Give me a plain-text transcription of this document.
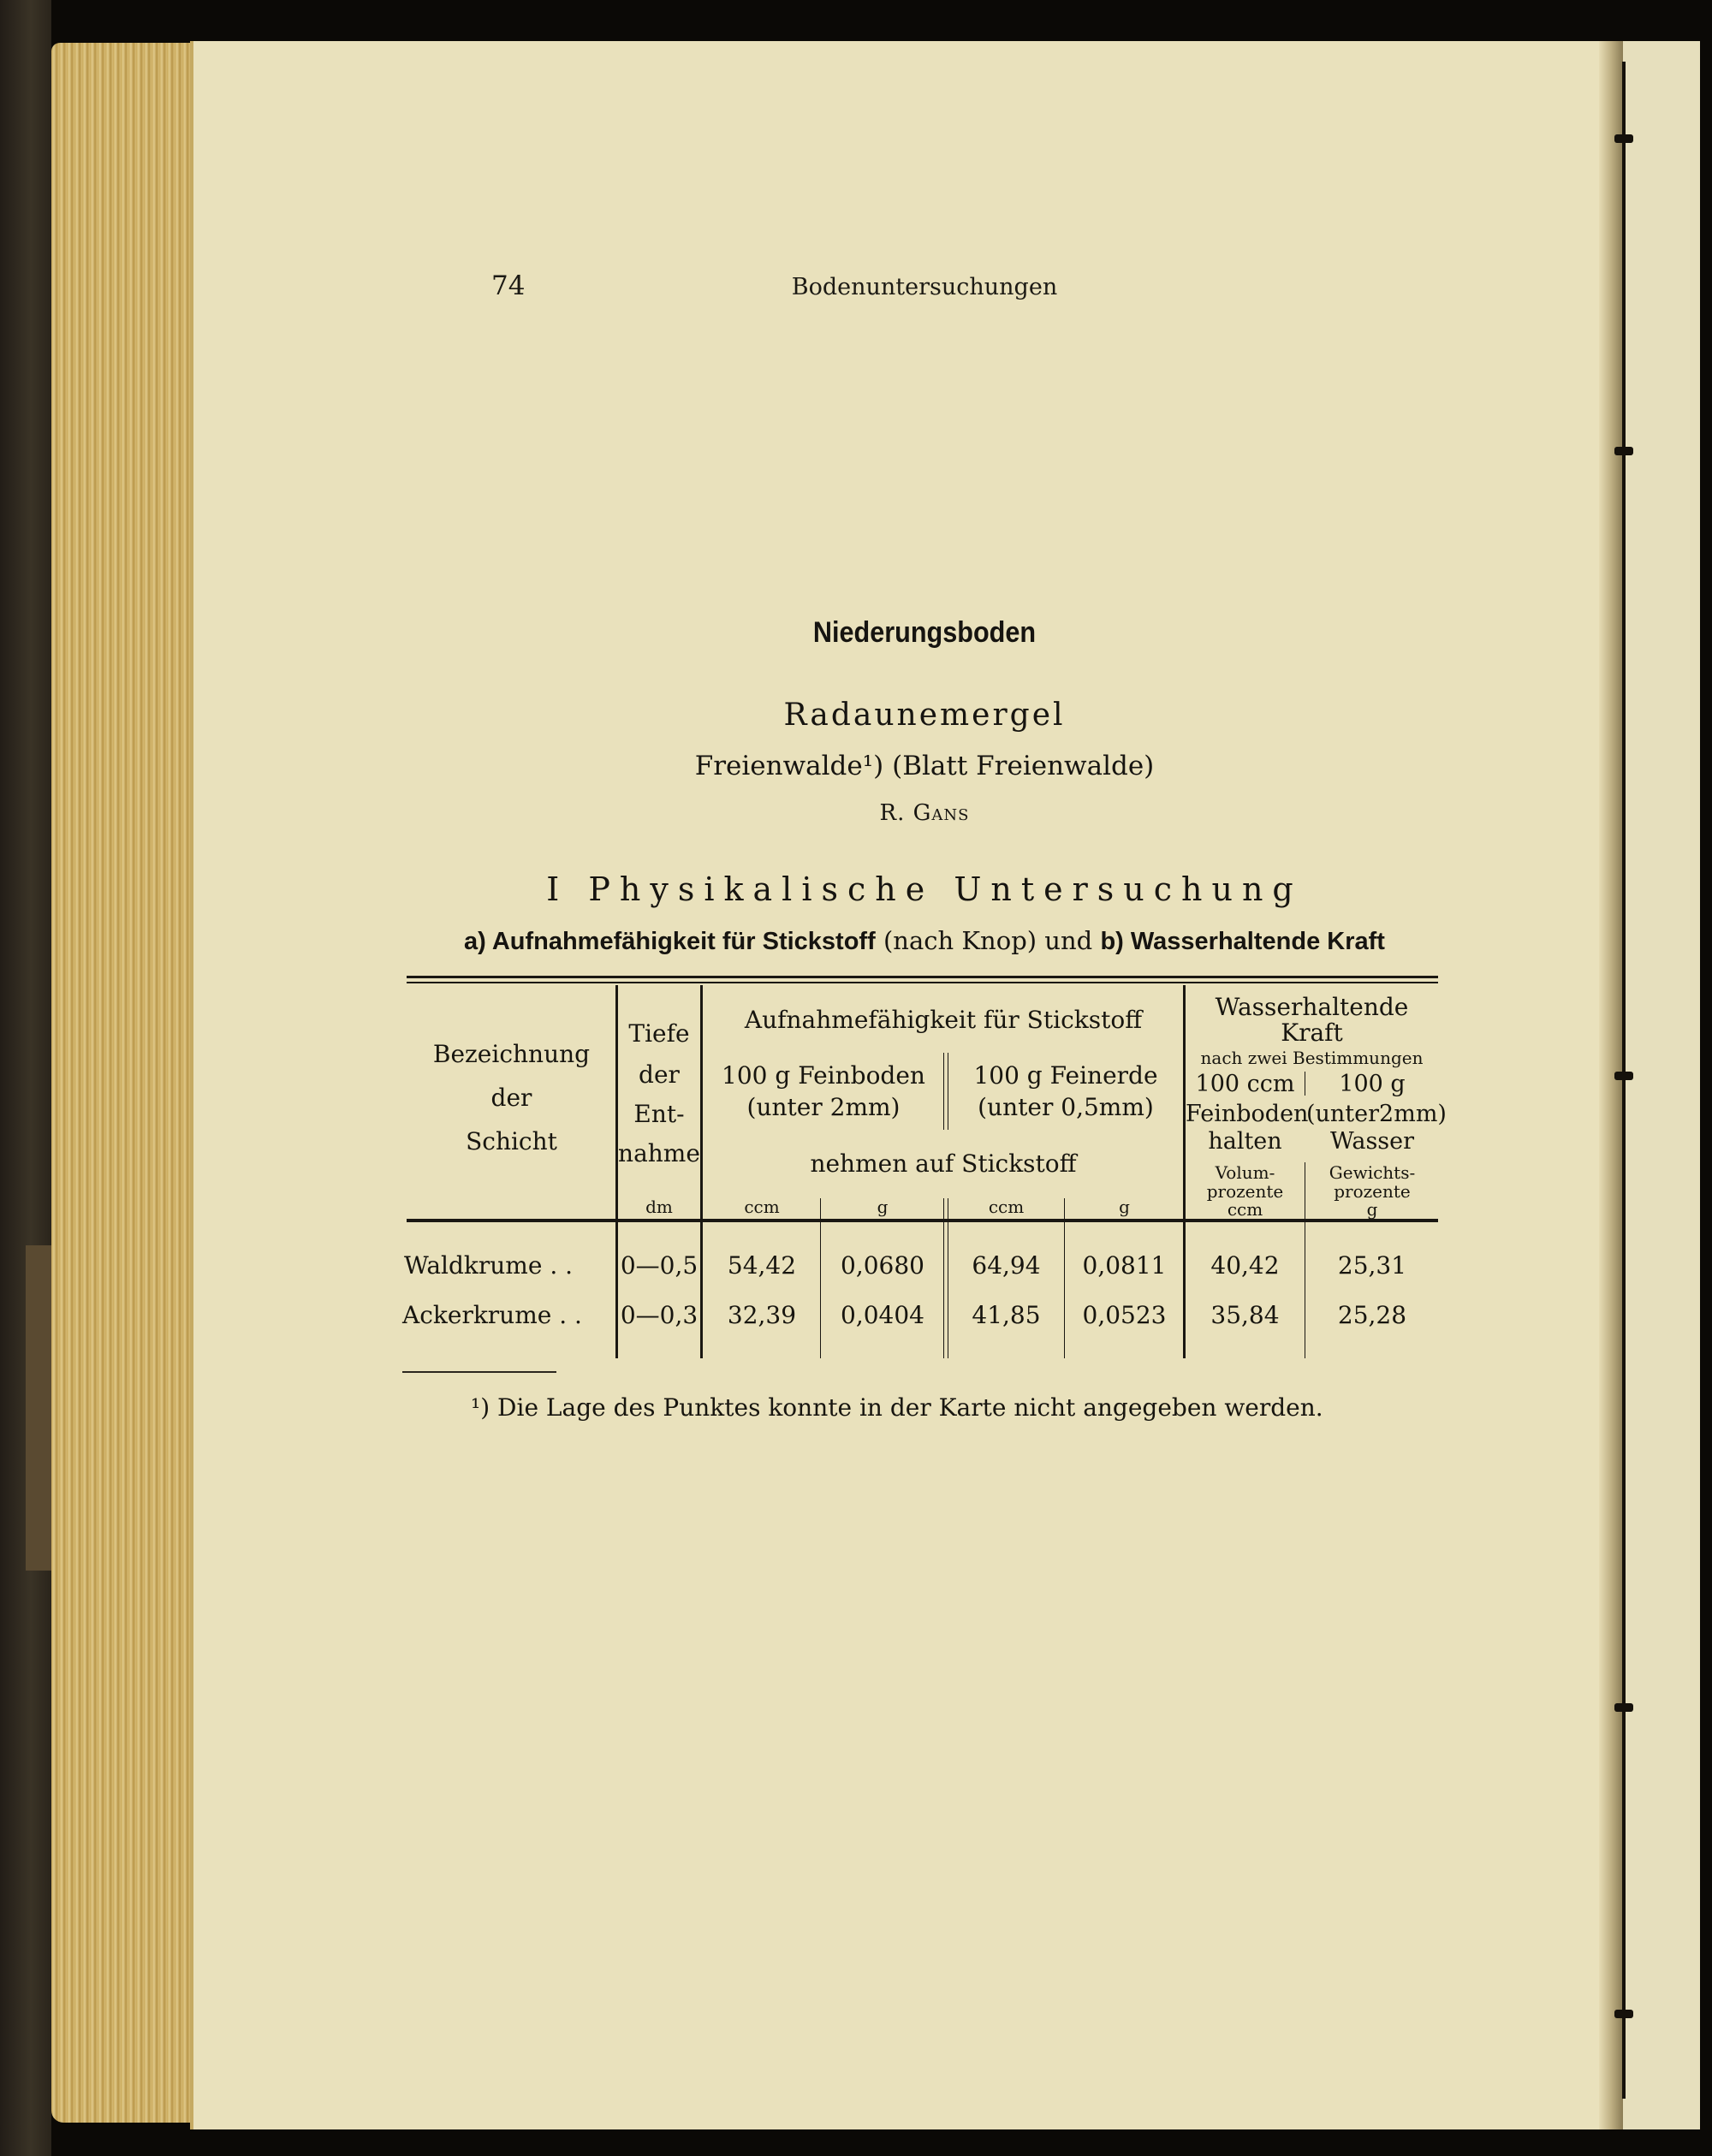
74	Bodenuntersuchungen
Niederungsboden
Radaunemergel
Freienwalde¹) (Blatt Freienwalde)
R. Gans
I Physikalische Untersuchung
a) Aufnahmefähigkeit für Stickstoff (nach Knop) und b) Wasserhaltende Kraft
Bezeichnung
der
Schicht
Tiefe
der
Ent-
nahme
dm
Aufnahmefähigkeit für Stickstoff
100 g Feinboden
(unter 2mm)
100 g Feinerde
(unter 0,5mm)
nehmen auf Stickstoff
ccm	g	ccm	g
Wasserhaltende
Kraft
nach zwei Bestimmungen
100 ccm	100 g
Feinboden
(unter2mm)
halten	Wasser
Volum-
prozente
ccm
Gewichts-
prozente
g
Waldkrume . .	0—0,5	54,42	0,0680	64,94	0,0811	40,42	25,31
Ackerkrume . .	0—0,3	32,39	0,0404	41,85	0,0523	35,84	25,28
¹) Die Lage des Punktes konnte in der Karte nicht angegeben werden.
